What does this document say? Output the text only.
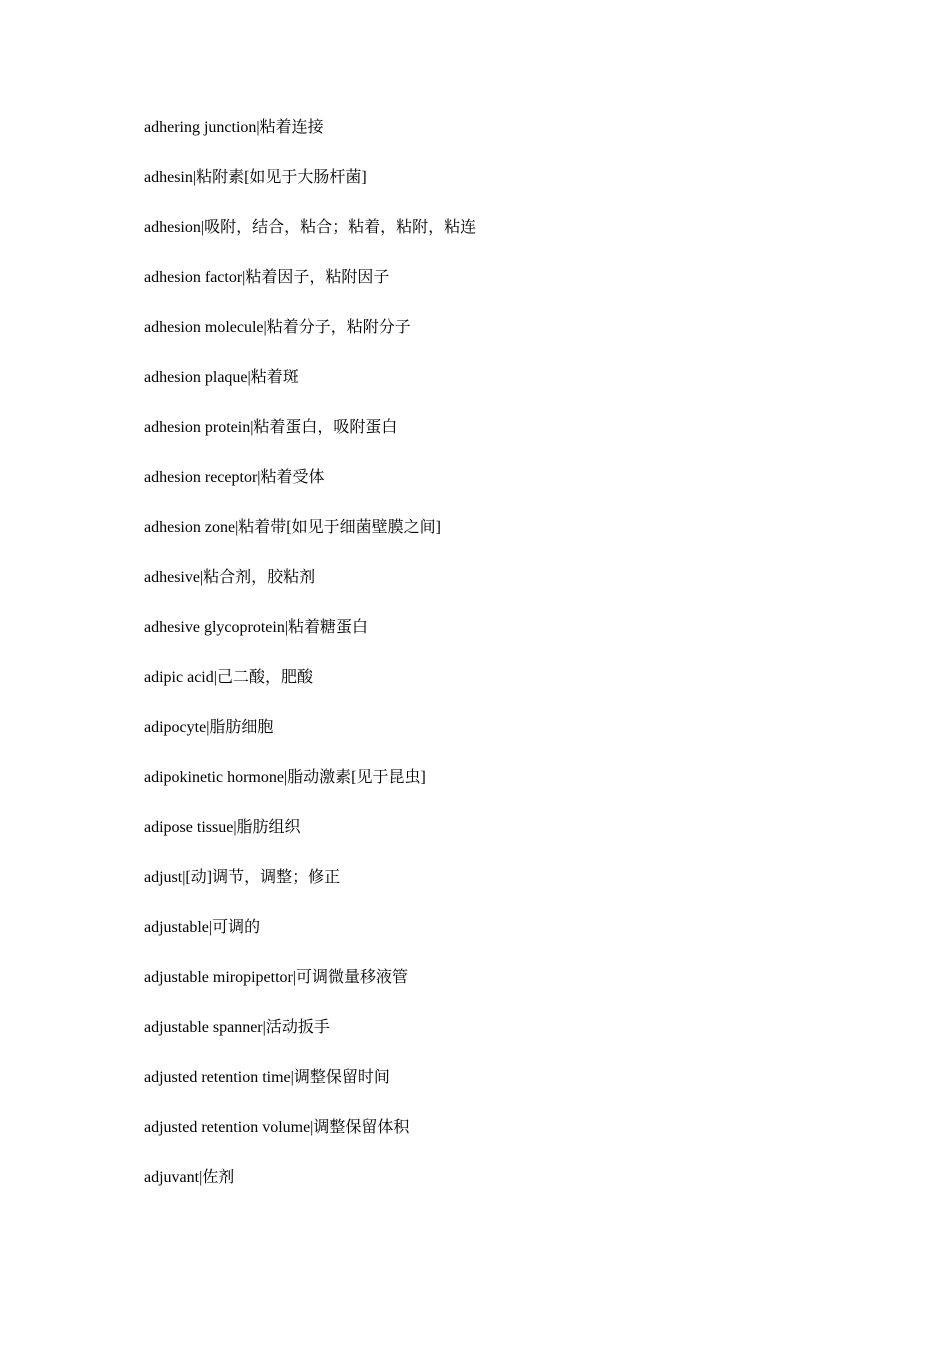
adhering junction|粘着连接
adhesin|粘附素[如见于大肠杆菌]
adhesion|吸附，结合，粘合；粘着，粘附，粘连
adhesion factor|粘着因子，粘附因子
adhesion molecule|粘着分子，粘附分子
adhesion plaque|粘着斑
adhesion protein|粘着蛋白，吸附蛋白
adhesion receptor|粘着受体
adhesion zone|粘着带[如见于细菌壁膜之间]
adhesive|粘合剂，胶粘剂
adhesive glycoprotein|粘着糖蛋白
adipic acid|己二酸，肥酸
adipocyte|脂肪细胞
adipokinetic hormone|脂动激素[见于昆虫]
adipose tissue|脂肪组织
adjust|[动]调节，调整；修正
adjustable|可调的
adjustable miropipettor|可调微量移液管
adjustable spanner|活动扳手
adjusted retention time|调整保留时间
adjusted retention volume|调整保留体积
adjuvant|佐剂
